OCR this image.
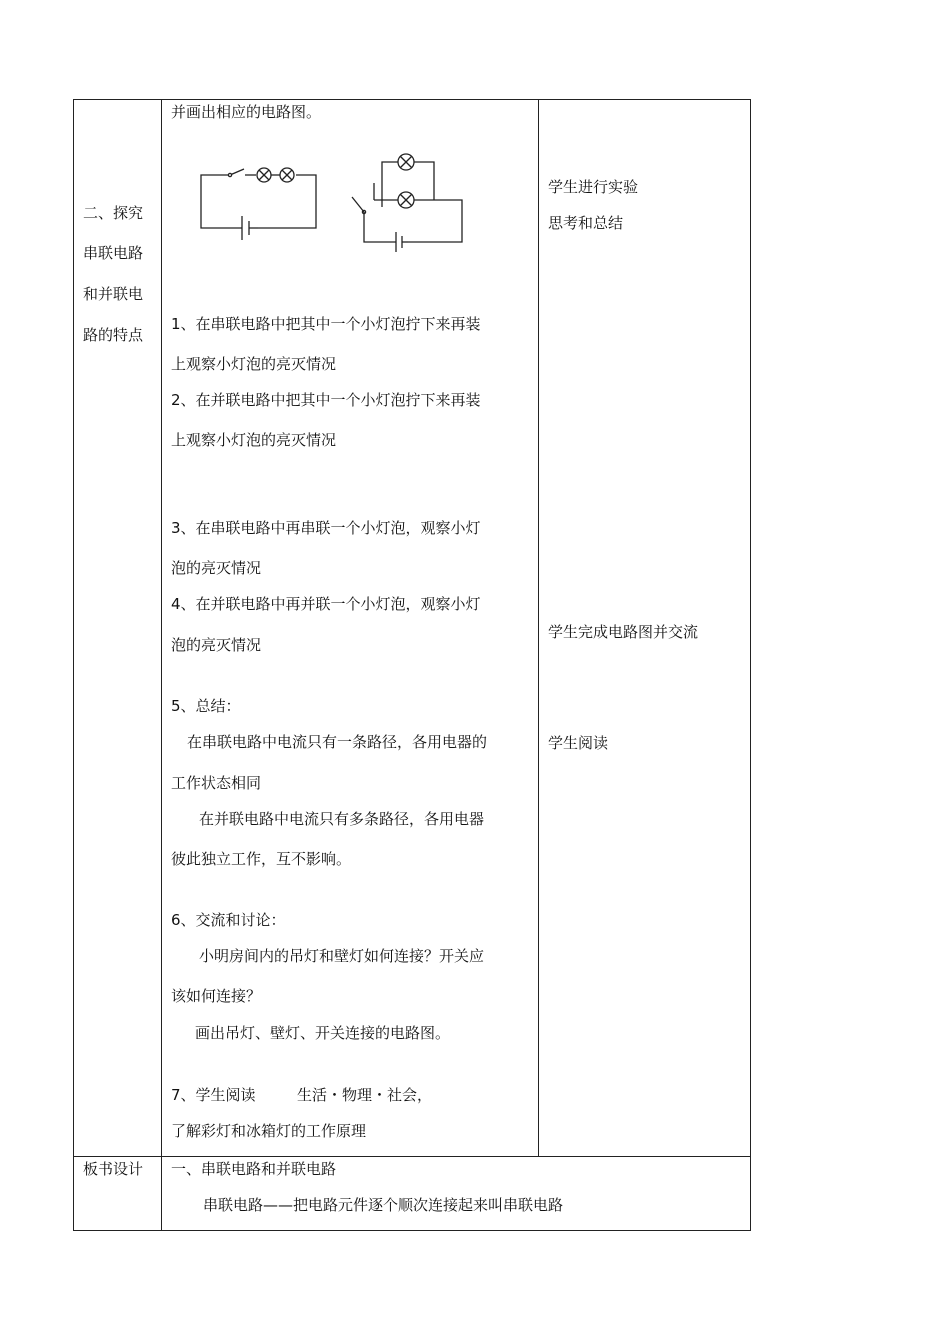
二、探究
串联电路
和并联电
路的特点
板书设计
并画出相应的电路图。
1、在串联电路中把其中一个小灯泡拧下来再装
上观察小灯泡的亮灭情况
2、在并联电路中把其中一个小灯泡拧下来再装
上观察小灯泡的亮灭情况
3、在串联电路中再串联一个小灯泡，观察小灯
泡的亮灭情况
4、在并联电路中再并联一个小灯泡，观察小灯
泡的亮灭情况
5、总结：
在串联电路中电流只有一条路径，各用电器的
工作状态相同
在并联电路中电流只有多条路径，各用电器
彼此独立工作，互不影响。
6、交流和讨论：
小明房间内的吊灯和壁灯如何连接？开关应
该如何连接？
画出吊灯、壁灯、开关连接的电路图。
7、学生阅读	生活・物理・社会，
了解彩灯和冰箱灯的工作原理
学生进行实验
思考和总结
学生完成电路图并交流
学生阅读
一、串联电路和并联电路
串联电路——把电路元件逐个顺次连接起来叫串联电路
